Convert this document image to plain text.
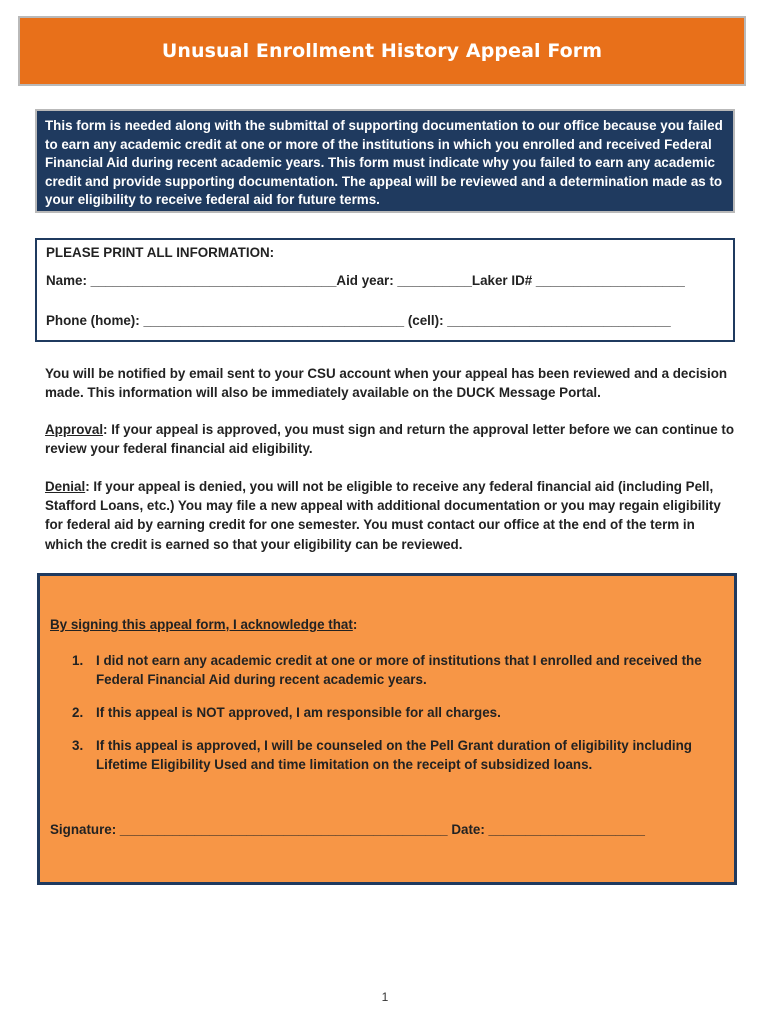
Unusual Enrollment History Appeal Form
This form is needed along with the submittal of supporting documentation to our office because you failed to earn any academic credit at one or more of the institutions in which you enrolled and received Federal Financial Aid during recent academic years. This form must indicate why you failed to earn any academic credit and provide supporting documentation. The appeal will be reviewed and a determination made as to your eligibility to receive federal aid for future terms.
PLEASE PRINT ALL INFORMATION:
Name: _________________________________Aid year: __________Laker ID# ____________________
Phone (home): ___________________________________ (cell): ______________________________
You will be notified by email sent to your CSU account when your appeal has been reviewed and a decision made. This information will also be immediately available on the DUCK Message Portal.
Approval: If your appeal is approved, you must sign and return the approval letter before we can continue to review your federal financial aid eligibility.
Denial: If your appeal is denied, you will not be eligible to receive any federal financial aid (including Pell, Stafford Loans, etc.) You may file a new appeal with additional documentation or you may regain eligibility for federal aid by earning credit for one semester. You must contact our office at the end of the term in which the credit is earned so that your eligibility can be reviewed.
By signing this appeal form, I acknowledge that:
1. I did not earn any academic credit at one or more of institutions that I enrolled and received the Federal Financial Aid during recent academic years.
2. If this appeal is NOT approved, I am responsible for all charges.
3. If this appeal is approved, I will be counseled on the Pell Grant duration of eligibility including Lifetime Eligibility Used and time limitation on the receipt of subsidized loans.
Signature: ____________________________________________ Date: _____________________
1
